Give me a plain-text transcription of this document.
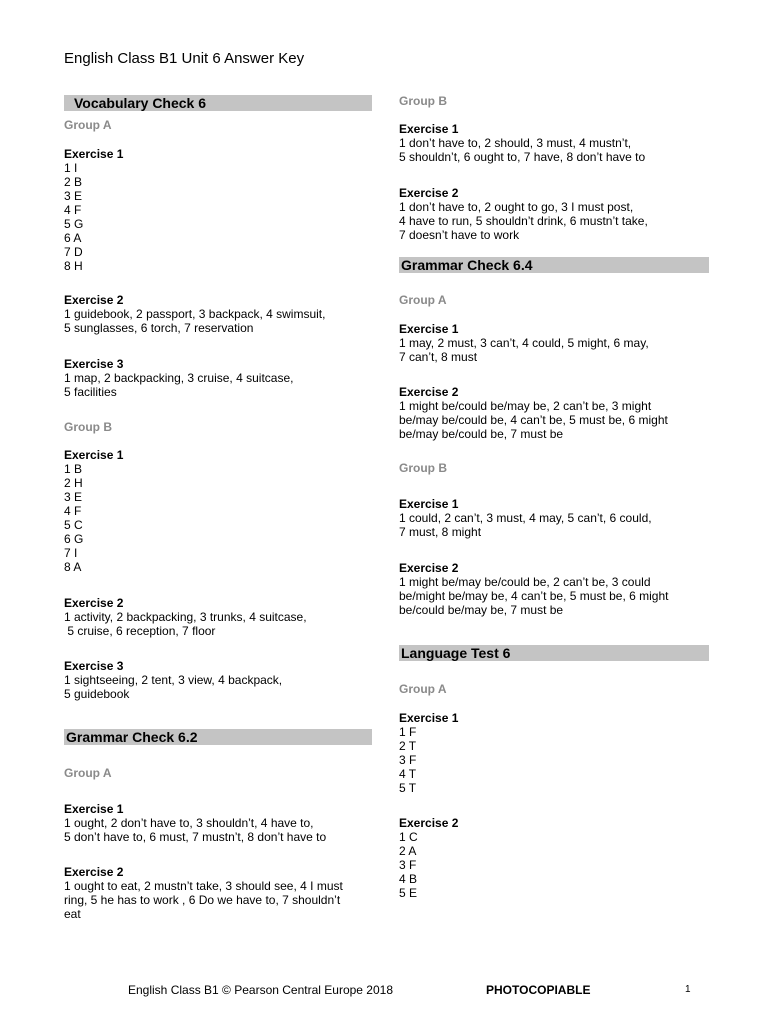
English Class B1 Unit 6 Answer Key
Vocabulary Check 6
Group A
Exercise 1
1 I
2 B
3 E
4 F
5 G
6 A
7 D
8 H
Exercise 2
1 guidebook, 2 passport, 3 backpack, 4 swimsuit,
5 sunglasses, 6 torch, 7 reservation
Exercise 3
1 map, 2 backpacking, 3 cruise, 4 suitcase,
5 facilities
Group B
Exercise 1
1 B
2 H
3 E
4 F
5 C
6 G
7 I
8 A
Exercise 2
1 activity, 2 backpacking, 3 trunks, 4 suitcase,
5 cruise, 6 reception, 7 floor
Exercise 3
1 sightseeing, 2 tent, 3 view, 4 backpack,
5 guidebook
Grammar Check 6.2
Group A
Exercise 1
1 ought, 2 don’t have to, 3 shouldn’t, 4 have to,
5 don’t have to, 6 must, 7 mustn’t, 8 don’t have to
Exercise 2
1 ought to eat, 2 mustn’t take, 3 should see, 4 I must
ring, 5 he has to work , 6 Do we have to, 7 shouldn’t
eat
Group B
Exercise 1
1 don’t have to, 2 should, 3 must, 4 mustn’t,
5 shouldn’t, 6 ought to, 7 have, 8 don’t have to
Exercise 2
1 don’t have to, 2 ought to go, 3 I must post,
4 have to run, 5 shouldn’t drink, 6 mustn’t take,
7 doesn’t have to work
Grammar Check 6.4
Group A
Exercise 1
1 may, 2 must, 3 can’t, 4 could, 5 might, 6 may,
7 can’t, 8 must
Exercise 2
1 might be/could be/may be, 2 can’t be, 3 might
be/may be/could be, 4 can’t be, 5 must be, 6 might
be/may be/could be, 7 must be
Group B
Exercise 1
1 could, 2 can’t, 3 must, 4 may, 5 can’t, 6 could,
7 must, 8 might
Exercise 2
1 might be/may be/could be, 2 can’t be, 3 could
be/might be/may be, 4 can’t be, 5 must be, 6 might
be/could be/may be, 7 must be
Language Test 6
Group A
Exercise 1
1 F
2 T
3 F
4 T
5 T
Exercise 2
1 C
2 A
3 F
4 B
5 E
English Class B1 © Pearson Central Europe 2018	PHOTOCOPIABLE	1
